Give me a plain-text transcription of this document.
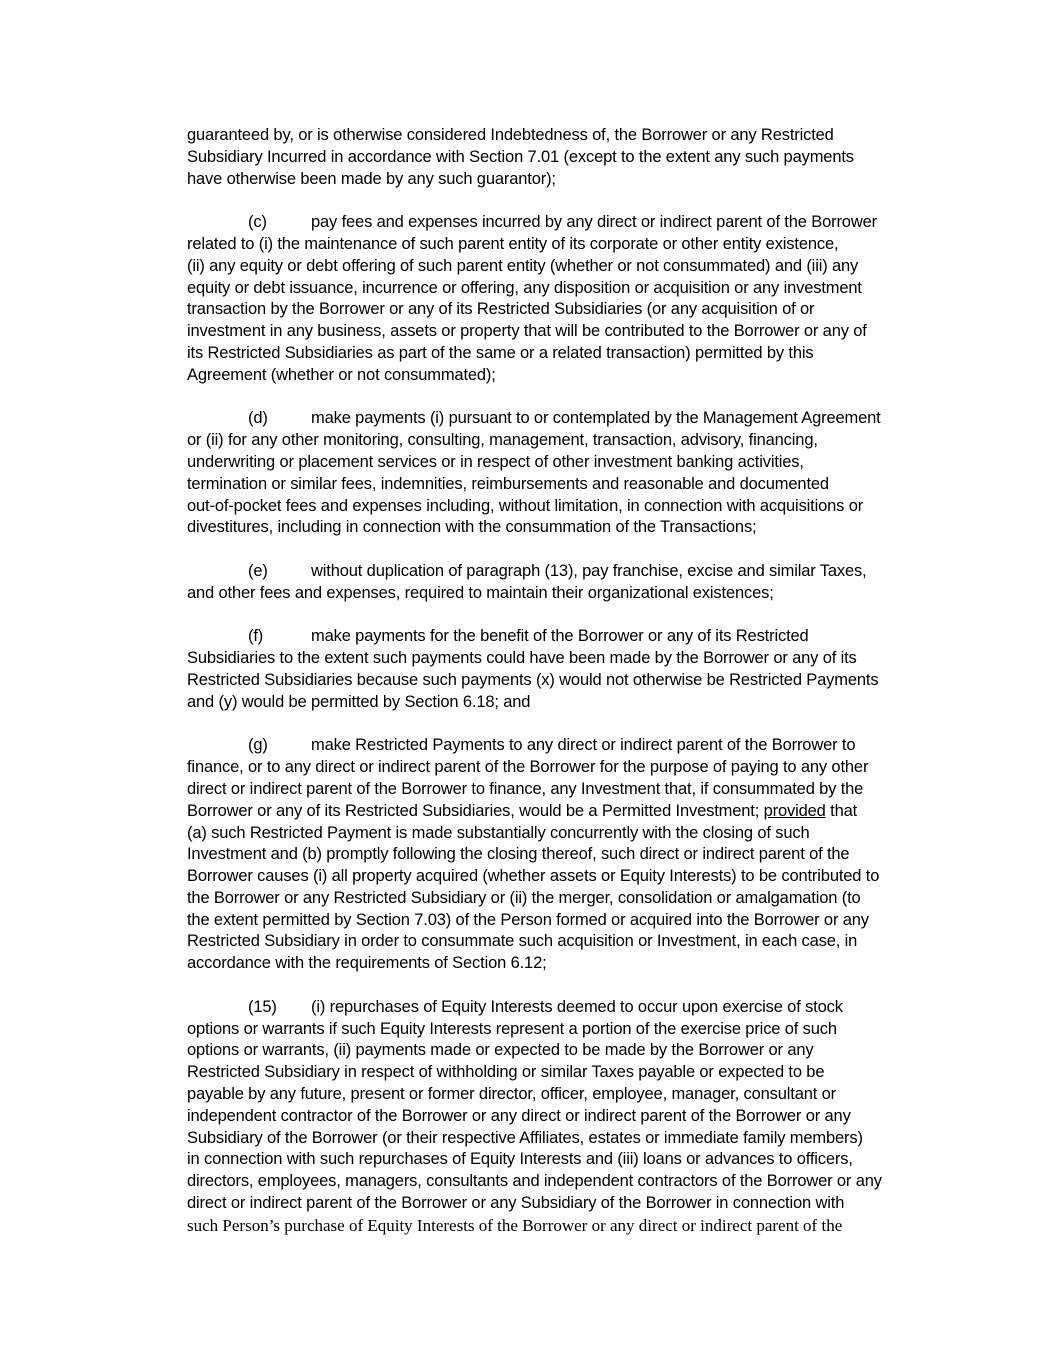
guaranteed by, or is otherwise considered Indebtedness of, the Borrower or any Restricted
Subsidiary Incurred in accordance with Section 7.01 (except to the extent any such payments
have otherwise been made by any such guarantor);

(c)	pay fees and expenses incurred by any direct or indirect parent of the Borrower
related to (i) the maintenance of such parent entity of its corporate or other entity existence,
(ii) any equity or debt offering of such parent entity (whether or not consummated) and (iii) any
equity or debt issuance, incurrence or offering, any disposition or acquisition or any investment
transaction by the Borrower or any of its Restricted Subsidiaries (or any acquisition of or
investment in any business, assets or property that will be contributed to the Borrower or any of
its Restricted Subsidiaries as part of the same or a related transaction) permitted by this
Agreement (whether or not consummated);

(d)	make payments (i) pursuant to or contemplated by the Management Agreement
or (ii) for any other monitoring, consulting, management, transaction, advisory, financing,
underwriting or placement services or in respect of other investment banking activities,
termination or similar fees, indemnities, reimbursements and reasonable and documented
out-of-pocket fees and expenses including, without limitation, in connection with acquisitions or
divestitures, including in connection with the consummation of the Transactions;

(e)	without duplication of paragraph (13), pay franchise, excise and similar Taxes,
and other fees and expenses, required to maintain their organizational existences;

(f)	make payments for the benefit of the Borrower or any of its Restricted
Subsidiaries to the extent such payments could have been made by the Borrower or any of its
Restricted Subsidiaries because such payments (x) would not otherwise be Restricted Payments
and (y) would be permitted by Section 6.18; and

(g)	make Restricted Payments to any direct or indirect parent of the Borrower to
finance, or to any direct or indirect parent of the Borrower for the purpose of paying to any other
direct or indirect parent of the Borrower to finance, any Investment that, if consummated by the
Borrower or any of its Restricted Subsidiaries, would be a Permitted Investment; provided that
(a) such Restricted Payment is made substantially concurrently with the closing of such
Investment and (b) promptly following the closing thereof, such direct or indirect parent of the
Borrower causes (i) all property acquired (whether assets or Equity Interests) to be contributed to
the Borrower or any Restricted Subsidiary or (ii) the merger, consolidation or amalgamation (to
the extent permitted by Section 7.03) of the Person formed or acquired into the Borrower or any
Restricted Subsidiary in order to consummate such acquisition or Investment, in each case, in
accordance with the requirements of Section 6.12;

(15) (i) repurchases of Equity Interests deemed to occur upon exercise of stock
options or warrants if such Equity Interests represent a portion of the exercise price of such
options or warrants, (ii) payments made or expected to be made by the Borrower or any
Restricted Subsidiary in respect of withholding or similar Taxes payable or expected to be
payable by any future, present or former director, officer, employee, manager, consultant or
independent contractor of the Borrower or any direct or indirect parent of the Borrower or any
Subsidiary of the Borrower (or their respective Affiliates, estates or immediate family members)
in connection with such repurchases of Equity Interests and (iii) loans or advances to officers,
directors, employees, managers, consultants and independent contractors of the Borrower or any
direct or indirect parent of the Borrower or any Subsidiary of the Borrower in connection with
such Person’s purchase of Equity Interests of the Borrower or any direct or indirect parent of the
